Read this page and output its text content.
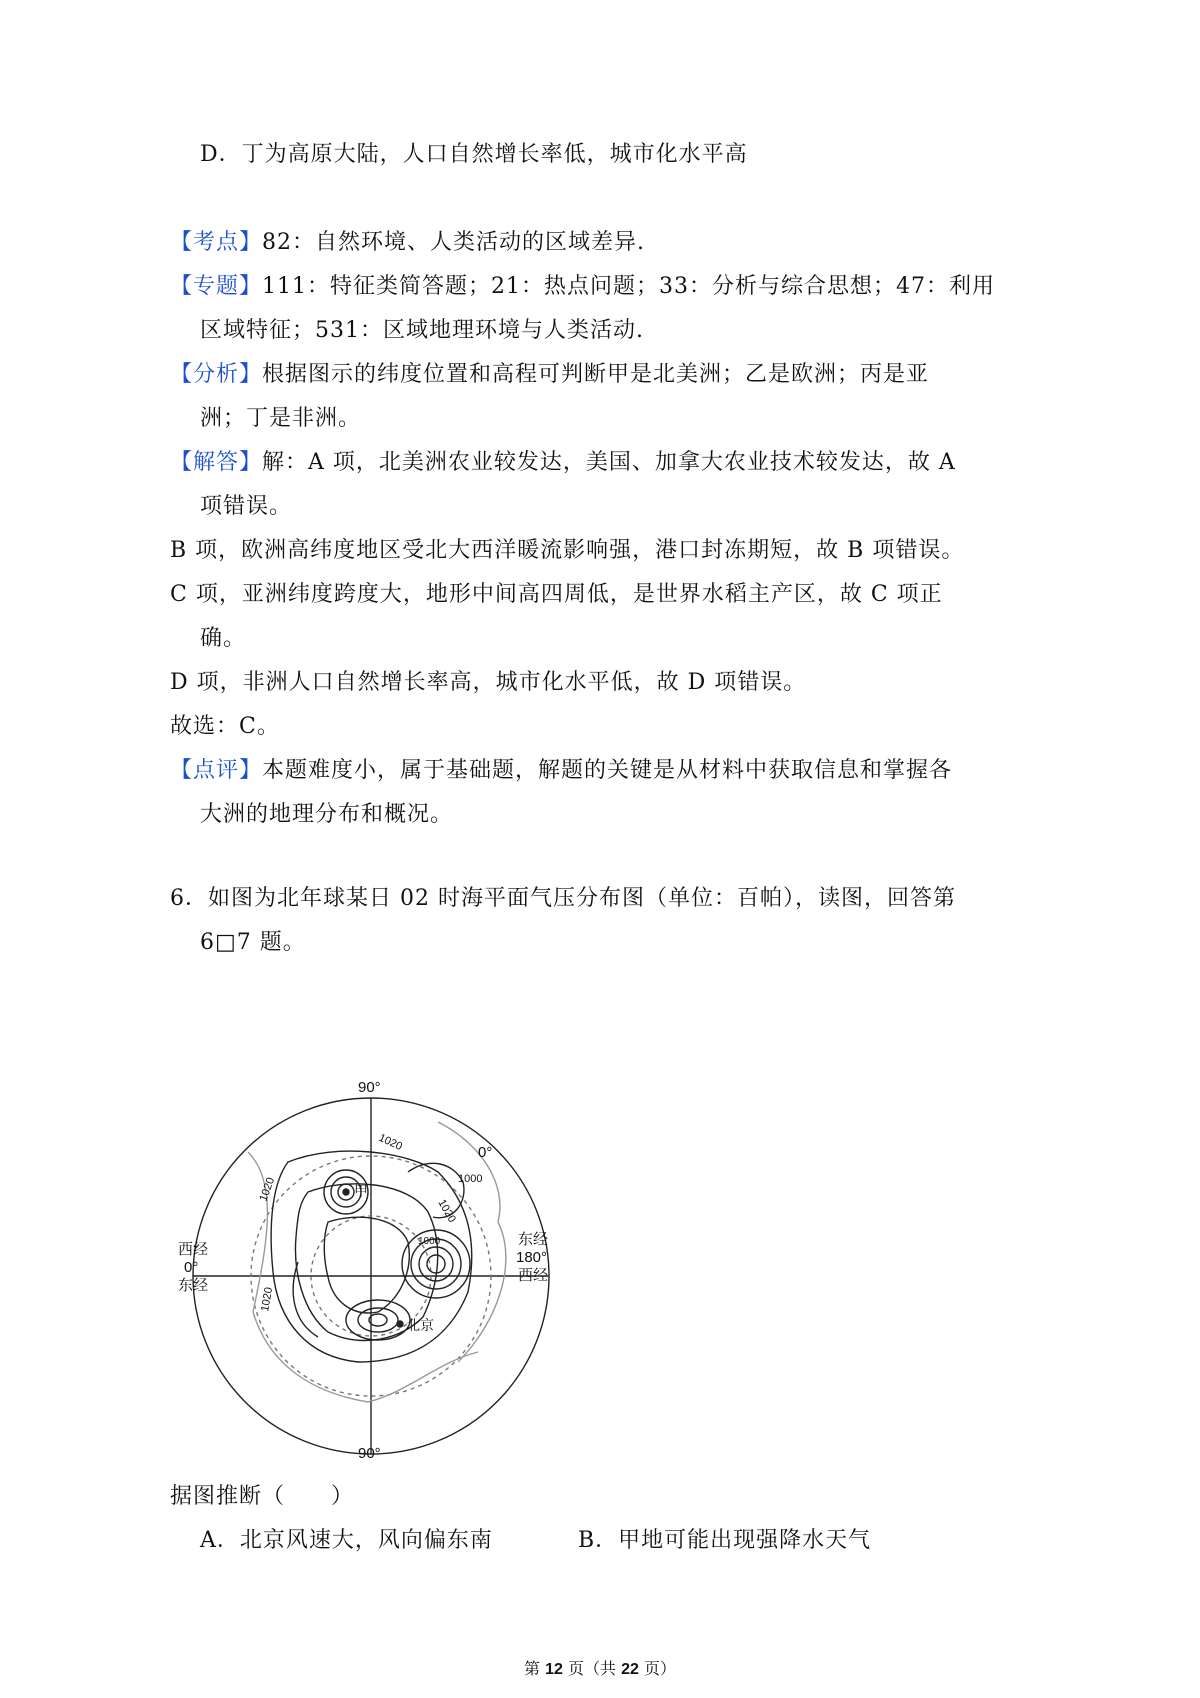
D．丁为高原大陆，人口自然增长率低，城市化水平高
【考点】82：自然环境、人类活动的区域差异.
【专题】111：特征类简答题；21：热点问题；33：分析与综合思想；47：利用
区域特征；531：区域地理环境与人类活动.
【分析】根据图示的纬度位置和高程可判断甲是北美洲；乙是欧洲；丙是亚
洲；丁是非洲。
【解答】解：A 项，北美洲农业较发达，美国、加拿大农业技术较发达，故 A
项错误。
B 项，欧洲高纬度地区受北大西洋暖流影响强，港口封冻期短，故 B 项错误。
C 项，亚洲纬度跨度大，地形中间高四周低，是世界水稻主产区，故 C 项正
确。
D 项，非洲人口自然增长率高，城市化水平低，故 D 项错误。
故选：C。
【点评】本题难度小，属于基础题，解题的关键是从材料中获取信息和掌握各
大洲的地理分布和概况。
6．如图为北年球某日 02 时海平面气压分布图（单位：百帕），读图，回答第
6□7 题。
90°
90°
西经
0°
东经
东经
180°
西经
0°
1000
1020
1020
1020
1020
1000
甲
北京
据图推断（　　）
A．北京风速大，风向偏东南	B．甲地可能出现强降水天气
第 12 页（共 22 页）
